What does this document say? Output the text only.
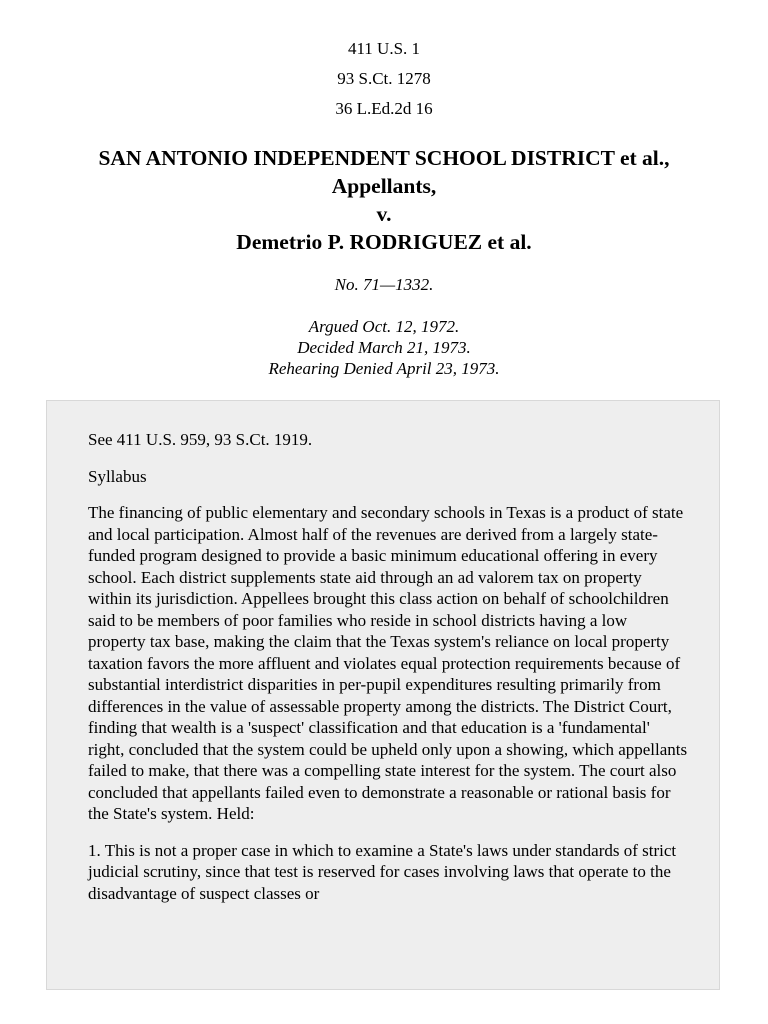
411 U.S. 1
93 S.Ct. 1278
36 L.Ed.2d 16
SAN ANTONIO INDEPENDENT SCHOOL DISTRICT et al.,
Appellants,
v.
Demetrio P. RODRIGUEZ et al.
No. 71—1332.
Argued Oct. 12, 1972.
Decided March 21, 1973.
Rehearing Denied April 23, 1973.

See 411 U.S. 959, 93 S.Ct. 1919.

Syllabus

The financing of public elementary and secondary schools in Texas is a product of state and local participation. Almost half of the revenues are derived from a largely state-funded program designed to provide a basic minimum educational offering in every school. Each district supplements state aid through an ad valorem tax on property within its jurisdiction. Appellees brought this class action on behalf of schoolchildren said to be members of poor families who reside in school districts having a low property tax base, making the claim that the Texas system's reliance on local property taxation favors the more affluent and violates equal protection requirements because of substantial interdistrict disparities in per-pupil expenditures resulting primarily from differences in the value of assessable property among the districts. The District Court, finding that wealth is a 'suspect' classification and that education is a 'fundamental' right, concluded that the system could be upheld only upon a showing, which appellants failed to make, that there was a compelling state interest for the system. The court also concluded that appellants failed even to demonstrate a reasonable or rational basis for the State's system. Held:

1. This is not a proper case in which to examine a State's laws under standards of strict judicial scrutiny, since that test is reserved for cases involving laws that operate to the disadvantage of suspect classes or
